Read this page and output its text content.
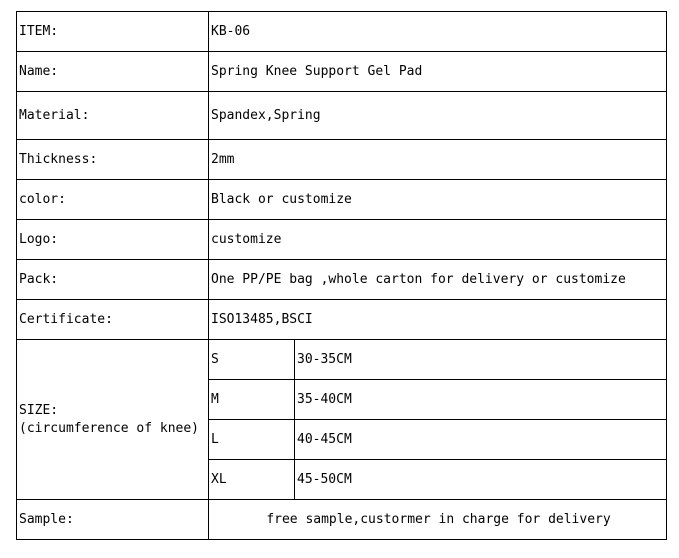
ITEM:	KB-06	
Name:	Spring Knee Support Gel Pad	
Material:	Spandex,Spring	
Thickness:	2mm	
color:	Black or customize	
Logo:	customize	
Pack:	One PP/PE bag ,whole carton for delivery or customize	
Certificate:	ISO13485,BSCI	

SIZE:
(circumference of knee)	S	30-35CM
	M	35-40CM
	L	40-45CM
	XL	45-50CM
Sample:	free sample,custormer in charge for delivery	
